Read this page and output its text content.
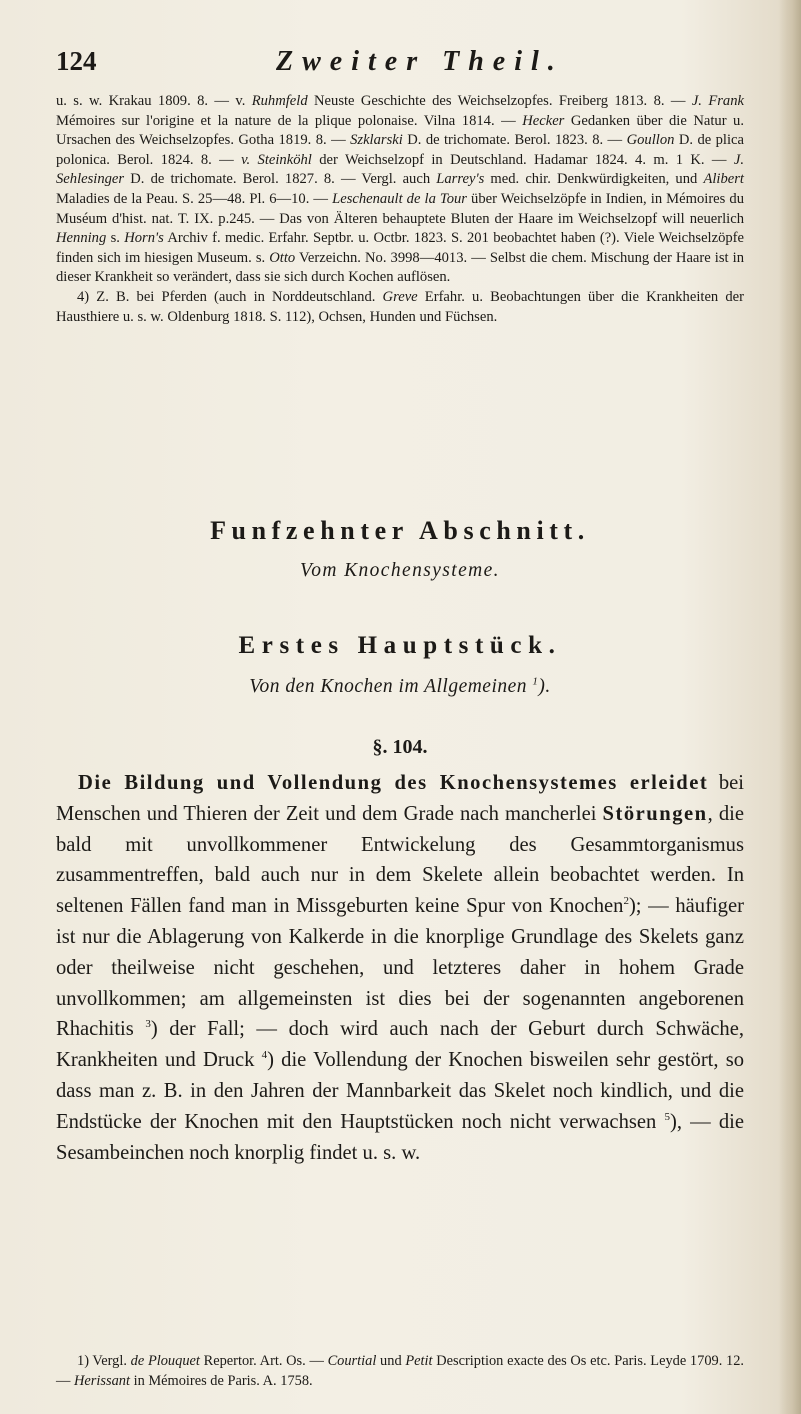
124	Zweiter Theil.

u. s. w. Krakau 1809. 8. — v. Ruhmfeld Neuste Geschichte des Weichselzopfes. Freiberg 1813. 8. — J. Frank Mémoires sur l'origine et la nature de la plique polonaise. Vilna 1814. — Hecker Gedanken über die Natur u. Ursachen des Weichselzopfes. Gotha 1819. 8. — Szklarski D. de trichomate. Berol. 1823. 8. — Goullon D. de plica polonica. Berol. 1824. 8. — v. Steinköhl der Weichselzopf in Deutschland. Hadamar 1824. 4. m. 1 K. — J. Sehlesinger D. de trichomate. Berol. 1827. 8. — Vergl. auch Larrey's med. chir. Denkwürdigkeiten, und Alibert Maladies de la Peau. S. 25—48. Pl. 6—10. — Leschenault de la Tour über Weichselzöpfe in Indien, in Mémoires du Muséum d'hist. nat. T. IX. p.245. — Das von Älteren behauptete Bluten der Haare im Weichselzopf will neuerlich Henning s. Horn's Archiv f. medic. Erfahr. Septbr. u. Octbr. 1823. S. 201 beobachtet haben (?). Viele Weichselzöpfe finden sich im hiesigen Museum. s. Otto Verzeichn. No. 3998—4013. — Selbst die chem. Mischung der Haare ist in dieser Krankheit so verändert, dass sie sich durch Kochen auflösen.

4) Z. B. bei Pferden (auch in Norddeutschland. Greve Erfahr. u. Beobachtungen über die Krankheiten der Hausthiere u. s. w. Oldenburg 1818. S. 112), Ochsen, Hunden und Füchsen.

Funfzehnter Abschnitt.
Vom Knochensysteme.
Erstes Hauptstück.
Von den Knochen im Allgemeinen $^1$).
§. 104.

Die Bildung und Vollendung des Knochensystemes erleidet bei Menschen und Thieren der Zeit und dem Grade nach mancherlei Störungen, die bald mit unvollkommener Entwickelung des Gesammtorganismus zusammentreffen, bald auch nur in dem Skelete allein beobachtet werden. In seltenen Fällen fand man in Missgeburten keine Spur von Knochen$^2$); — häufiger ist nur die Ablagerung von Kalkerde in die knorplige Grundlage des Skelets ganz oder theilweise nicht geschehen, und letzteres daher in hohem Grade unvollkommen; am allgemeinsten ist dies bei der sogenannten angeborenen Rhachitis $^3$) der Fall; — doch wird auch nach der Geburt durch Schwäche, Krankheiten und Druck $^4$) die Vollendung der Knochen bisweilen sehr gestört, so dass man z. B. in den Jahren der Mannbarkeit das Skelet noch kindlich, und die Endstücke der Knochen mit den Hauptstücken noch nicht verwachsen $^5$), — die Sesambeinchen noch knorplig findet u. s. w.

1) Vergl. de Plouquet Repertor. Art. Os. — Courtial und Petit Description exacte des Os etc. Paris. Leyde 1709. 12. — Herissant in Mémoires de Paris. A. 1758.
